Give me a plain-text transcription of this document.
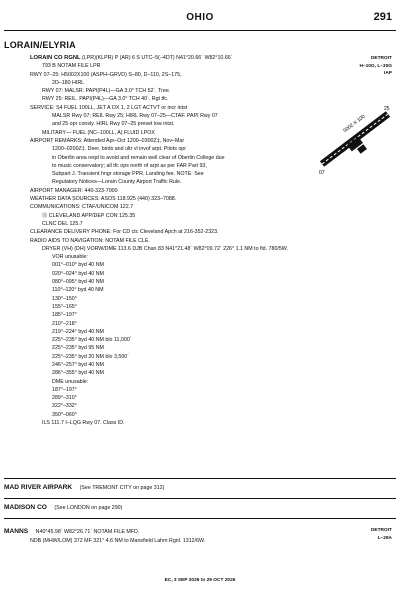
OHIO	291
LORAIN/ELYRIA
DETROIT
H–10G, L–30G
IAP
5002 X 100
07
25
LORAIN CO RGNL (LPR)(KLPR) P (AR) 6 S UTC–5(–4DT) N41°20.66´ W82°10.66´
793 B NOTAM FILE LPR
RWY 07–25: H5002X100 (ASPH–GRVD) S–80, D–110, 2S–175,
2D–180 HIRL
RWY 07: MALSR. PAPI(P4L)—GA 3.0° TCH 52´. Tree.
RWY 25: REIL. PAPI(P4L)—GA 3.0° TCH 40´. Rgt tfc.
SERVICE: S4 FUEL 100LL, JET A OX 1, 2 LGT ACTVT or incr intst
MALSR Rwy 07; REIL Rwy 25; HIRL Rwy 07–25—CTAF. PAPI Rwy 07
and 25 opr consly. HIRL Rwy 07–25 preset low intst.
MILITARY— FUEL (NC–100LL, A) FLUID LPOX
AIRPORT REMARKS: Attended Apr–Oct 1200–0300Z‡, Nov–Mar
1200–0200Z‡. Deer, birds and ultr vl invof arpt. Pilots opr
in Oberlin area reqd to avoid and remain well clear of Oberlin College due
to music conservatory; all tfc ops north of arpt as per FAR Part 93,
Subpart J. Transient hngr storage PPR. Landing fee. NOTE: See
Regulatory Notices—Lorain County Airport Traffic Rule.
AIRPORT MANAGER: 440-323-7000
WEATHER DATA SOURCES: ASOS 118.925 (440) 323–7088.
COMMUNICATIONS: CTAF/UNICOM 122.7
Ⓡ CLEVELAND APP/DEP CON 125.35
CLNC DEL 125.7
CLEARANCE DELIVERY PHONE: For CD ctc Cleveland Apch at 216-352-2323.
RADIO AIDS TO NAVIGATION: NOTAM FILE CLE.
DRYER (VH) (DH) VORW/DME 113.6 DJB Chan 83 N41°21.48´ W82°09.72´ 226° 1.1 NM to fld. 780/5W.
VOR unusable:
001°–010° byd 40 NM
020°–024° byd 40 NM
080°–095° byd 40 NM
110°–120° byd 40 NM
130°–150°
155°–165°
185°–197°
210°–218°
219°–224° byd 40 NM
225°–235° byd 40 NM blo 11,000´
225°–235° byd 95 NM
225°–235° byd 20 NM blo 3,500´
246°–257° byd 40 NM
286°–355° byd 40 NM
DME unusable:
187°–197°
289°–310°
322°–332°
350°–060°
ILS 111.7 I–LQG Rwy 07. Class ID.
MAD RIVER AIRPARK (See TREMONT CITY on page 312)
MADISON CO (See LONDON on page 290)
MANNS N40°45.98´ W82°26.71´ NOTAM FILE MFD.
NDB (MHW/LOM) 372 MF 321° 4.6 NM to Mansfield Lahm Rgnl. 1312/6W.
DETROIT
L–29A
EC, 3 SEP 2026 to 29 OCT 2026
